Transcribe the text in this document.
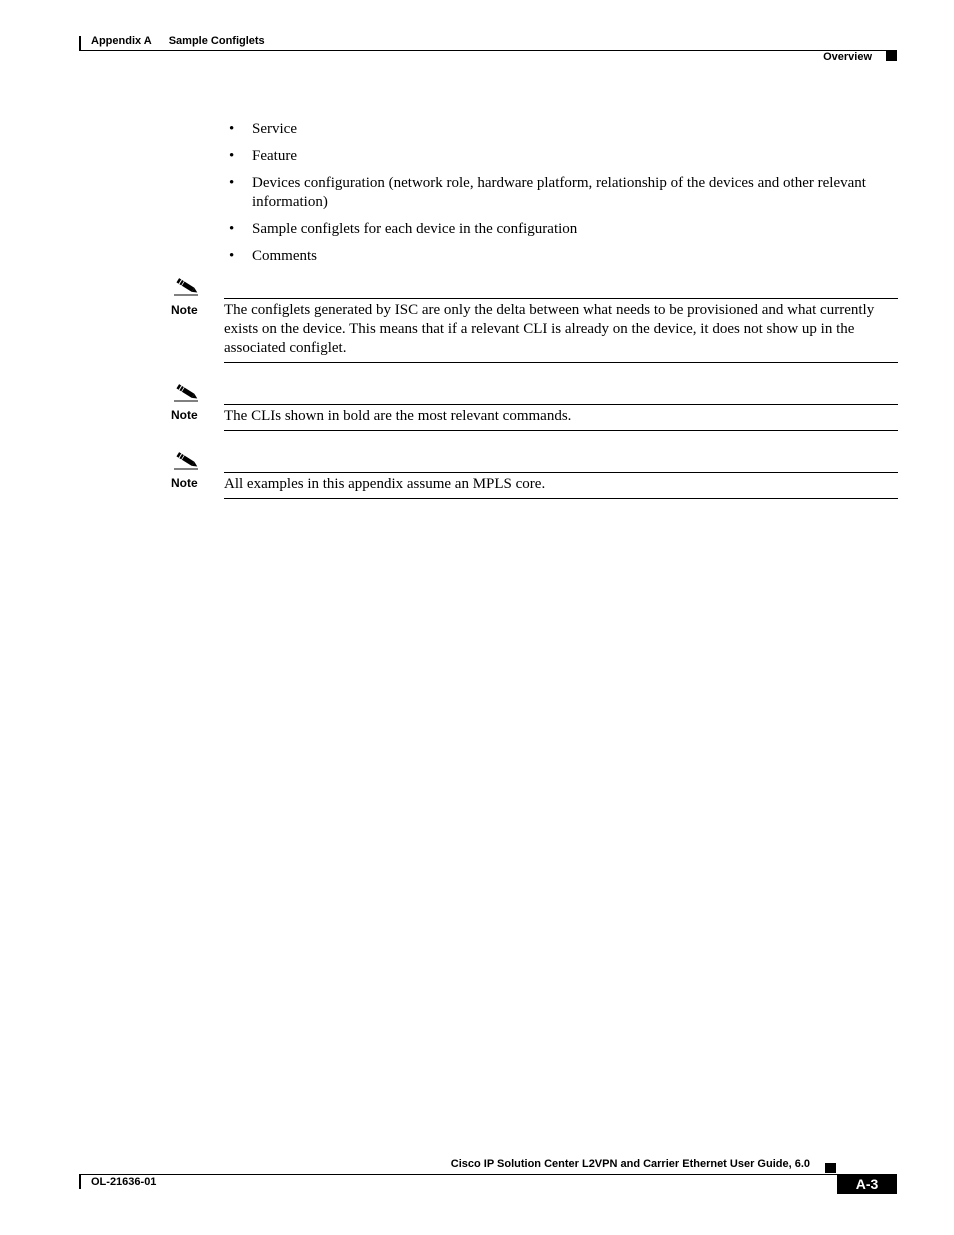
Appendix A Sample Configlets
Overview
• Service
• Feature
• Devices configuration (network role, hardware platform, relationship of the devices and other relevant information)
• Sample configlets for each device in the configuration
• Comments
Note The configlets generated by ISC are only the delta between what needs to be provisioned and what currently exists on the device. This means that if a relevant CLI is already on the device, it does not show up in the associated configlet.
Note The CLIs shown in bold are the most relevant commands.
Note All examples in this appendix assume an MPLS core.
Cisco IP Solution Center L2VPN and Carrier Ethernet User Guide, 6.0
OL-21636-01	A-3
